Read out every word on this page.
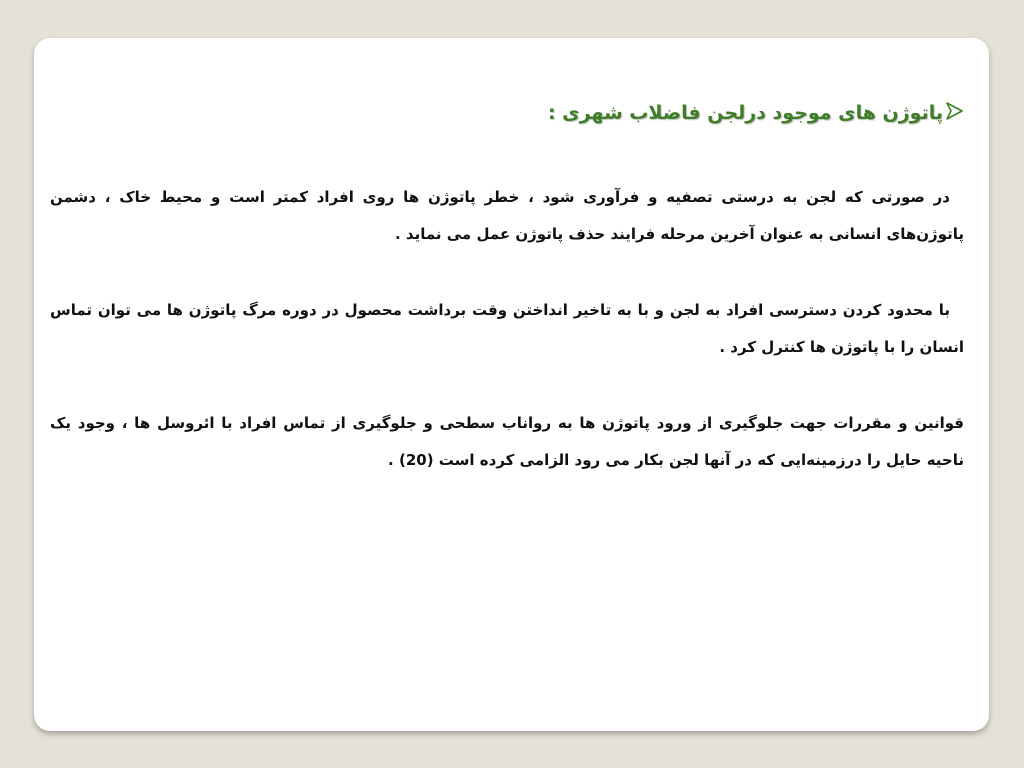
پاتوژن های موجود درلجن فاضلاب شهری :
در صورتی که لجن به درستی تصفیه و فرآوری شود ، خطر پاتوژن ها روی افراد کمتر است و محیط خاک ، دشمن پاتوژن‌های انسانی به عنوان آخرین مرحله فرایند حذف پاتوژن عمل می نماید .
با محدود کردن دسترسی افراد به لجن و با به تاخیر انداختن وقت برداشت محصول در دوره مرگ پاتوژن ها می توان تماس انسان را با پاتوژن ها کنترل کرد .
قوانین و مقررات جهت جلوگیری از ورود پاتوژن ها به رواناب سطحی و جلوگیری از تماس افراد با ائروسل ها ، وجود یک ناحیه حایل را درزمینه‌ایی که در آنها لجن بکار می رود الزامی کرده است (20) .
